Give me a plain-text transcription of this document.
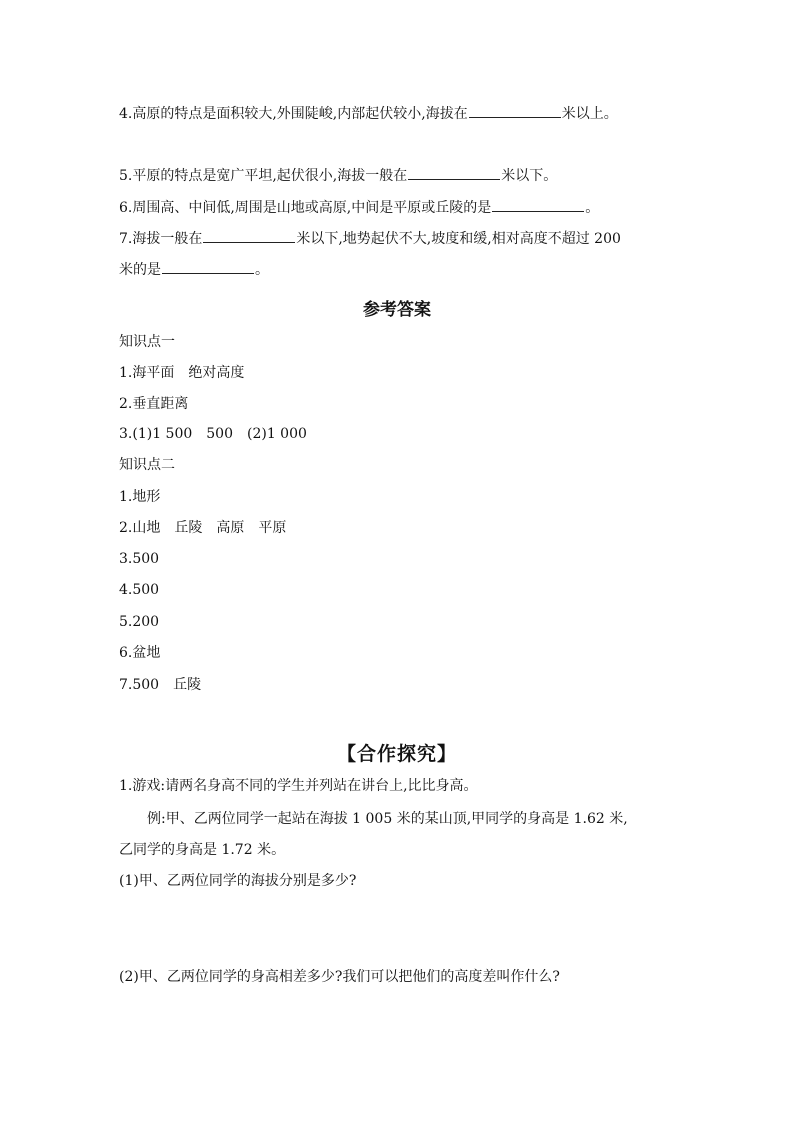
4.高原的特点是面积较大,外围陡峻,内部起伏较小,海拔在	米以上。
5.平原的特点是宽广平坦,起伏很小,海拔一般在	米以下。
6.周围高、中间低,周围是山地或高原,中间是平原或丘陵的是	。
7.海拔一般在	米以下,地势起伏不大,坡度和缓,相对高度不超过 200
米的是	。
参考答案
知识点一
1.海平面　绝对高度
2.垂直距离
3.(1)1 500　500　(2)1 000
知识点二
1.地形
2.山地　丘陵　高原　平原
3.500
4.500
5.200
6.盆地
7.500　丘陵
【合作探究】
1.游戏:请两名身高不同的学生并列站在讲台上,比比身高。
例:甲、乙两位同学一起站在海拔 1 005 米的某山顶,甲同学的身高是 1.62 米,
乙同学的身高是 1.72 米。
(1)甲、乙两位同学的海拔分别是多少?
(2)甲、乙两位同学的身高相差多少?我们可以把他们的高度差叫作什么?
